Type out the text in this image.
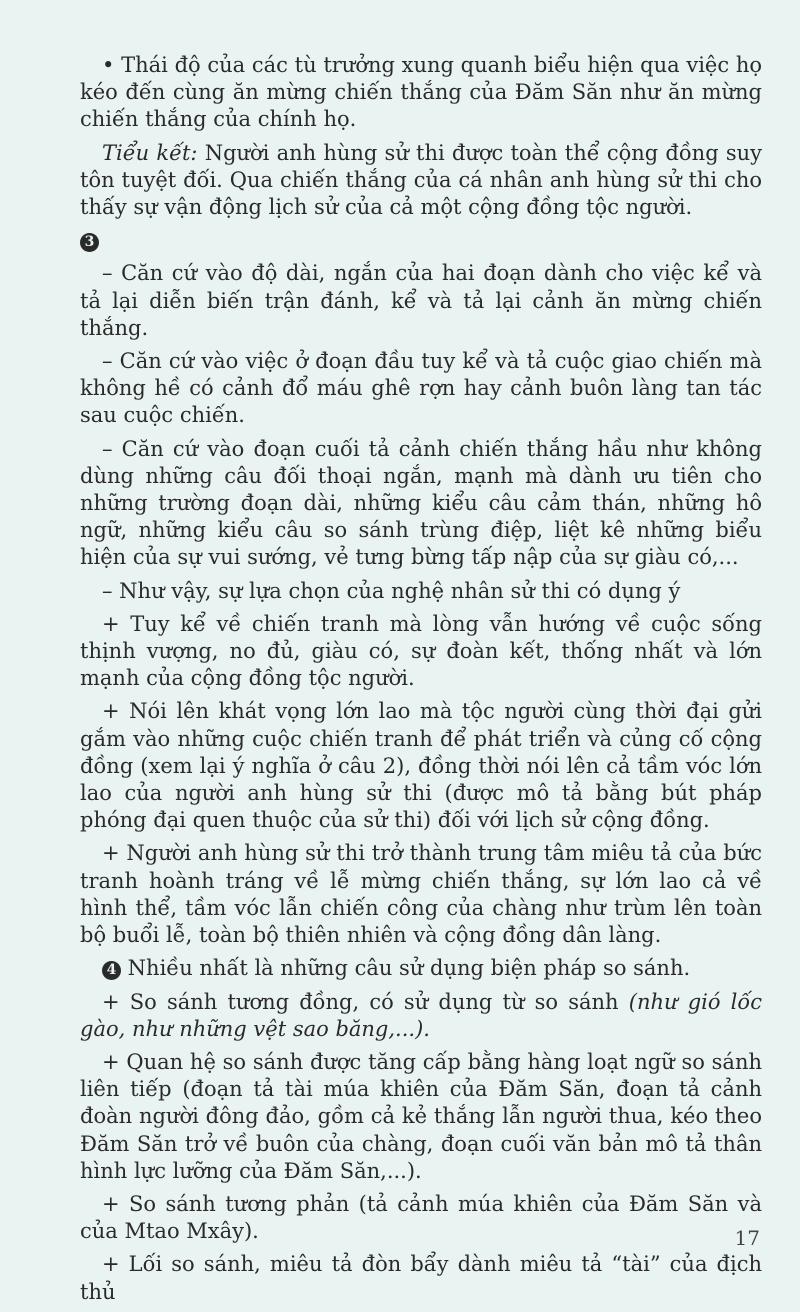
• Thái độ của các tù trưởng xung quanh biểu hiện qua việc họ kéo đến cùng ăn mừng chiến thắng của Đăm Săn như ăn mừng chiến thắng của chính họ.

Tiểu kết: Người anh hùng sử thi được toàn thể cộng đồng suy tôn tuyệt đối. Qua chiến thắng của cá nhân anh hùng sử thi cho thấy sự vận động lịch sử của cả một cộng đồng tộc người.

3

– Căn cứ vào độ dài, ngắn của hai đoạn dành cho việc kể và tả lại diễn biến trận đánh, kể và tả lại cảnh ăn mừng chiến thắng.

– Căn cứ vào việc ở đoạn đầu tuy kể và tả cuộc giao chiến mà không hề có cảnh đổ máu ghê rợn hay cảnh buôn làng tan tác sau cuộc chiến.

– Căn cứ vào đoạn cuối tả cảnh chiến thắng hầu như không dùng những câu đối thoại ngắn, mạnh mà dành ưu tiên cho những trường đoạn dài, những kiểu câu cảm thán, những hô ngữ, những kiểu câu so sánh trùng điệp, liệt kê những biểu hiện của sự vui sướng, vẻ tưng bừng tấp nập của sự giàu có,...

– Như vậy, sự lựa chọn của nghệ nhân sử thi có dụng ý

+ Tuy kể về chiến tranh mà lòng vẫn hướng về cuộc sống thịnh vượng, no đủ, giàu có, sự đoàn kết, thống nhất và lớn mạnh của cộng đồng tộc người.

+ Nói lên khát vọng lớn lao mà tộc người cùng thời đại gửi gắm vào những cuộc chiến tranh để phát triển và củng cố cộng đồng (xem lại ý nghĩa ở câu 2), đồng thời nói lên cả tầm vóc lớn lao của người anh hùng sử thi (được mô tả bằng bút pháp phóng đại quen thuộc của sử thi) đối với lịch sử cộng đồng.

+ Người anh hùng sử thi trở thành trung tâm miêu tả của bức tranh hoành tráng về lễ mừng chiến thắng, sự lớn lao cả về hình thể, tầm vóc lẫn chiến công của chàng như trùm lên toàn bộ buổi lễ, toàn bộ thiên nhiên và cộng đồng dân làng.

4 Nhiều nhất là những câu sử dụng biện pháp so sánh.

+ So sánh tương đồng, có sử dụng từ so sánh (như gió lốc gào, như những vệt sao băng,...).

+ Quan hệ so sánh được tăng cấp bằng hàng loạt ngữ so sánh liên tiếp (đoạn tả tài múa khiên của Đăm Săn, đoạn tả cảnh đoàn người đông đảo, gồm cả kẻ thắng lẫn người thua, kéo theo Đăm Săn trở về buôn của chàng, đoạn cuối văn bản mô tả thân hình lực lưỡng của Đăm Săn,...).

+ So sánh tương phản (tả cảnh múa khiên của Đăm Săn và của Mtao Mxây).

+ Lối so sánh, miêu tả đòn bẩy dành miêu tả “tài” của địch thủ

17
